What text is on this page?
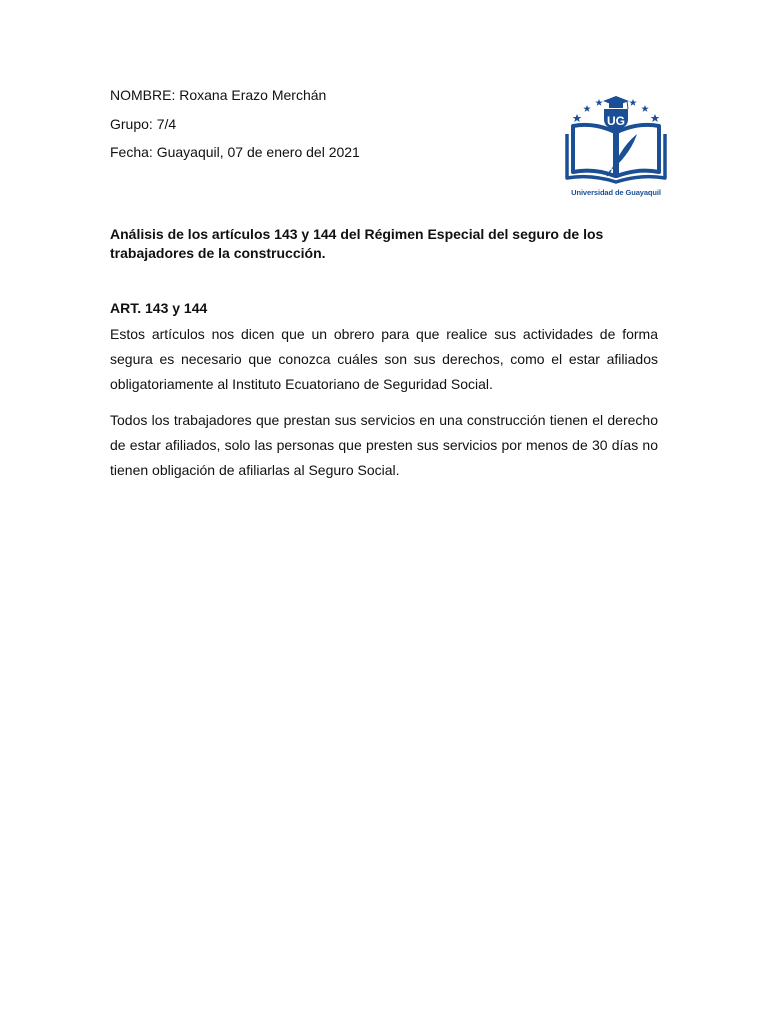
NOMBRE: Roxana Erazo Merchán
Grupo: 7/4
Fecha: Guayaquil, 07 de enero del 2021
UG
Universidad de Guayaquil
Análisis de los artículos 143 y 144 del Régimen Especial del seguro de los trabajadores de la construcción.
ART. 143 y 144

Estos artículos nos dicen que un obrero para que realice sus actividades de forma segura es necesario que conozca cuáles son sus derechos, como el estar afiliados obligatoriamente al Instituto Ecuatoriano de Seguridad Social.

Todos los trabajadores que prestan sus servicios en una construcción tienen el derecho de estar afiliados, solo las personas que presten sus servicios por menos de 30 días no tienen obligación de afiliarlas al Seguro Social.
